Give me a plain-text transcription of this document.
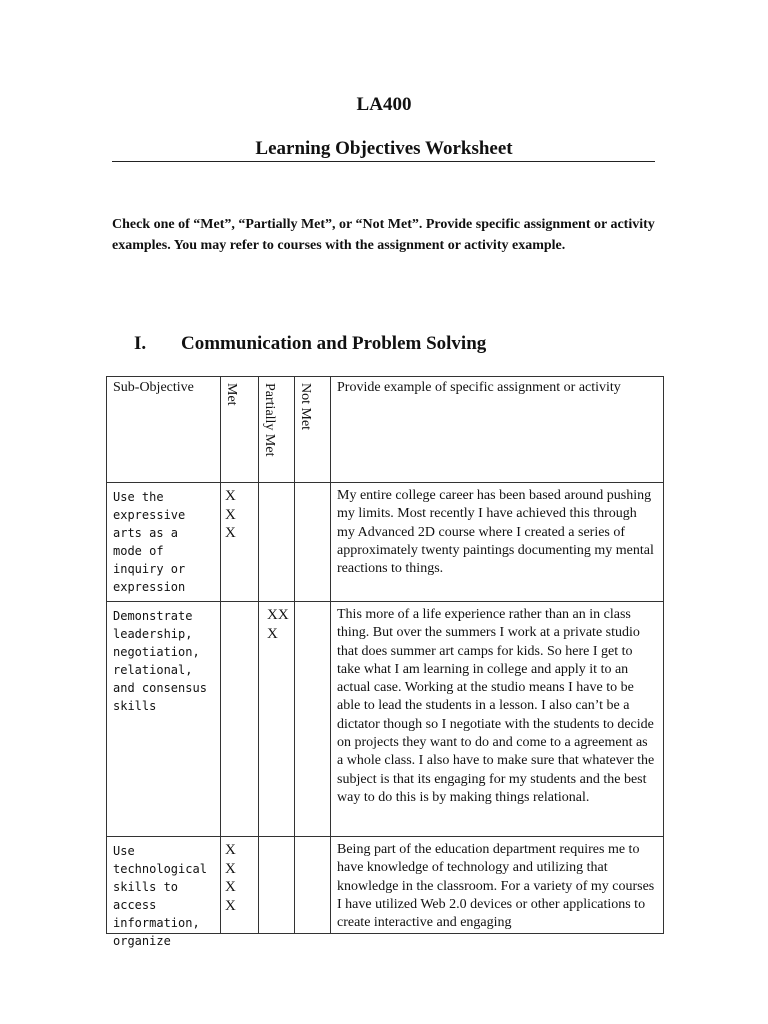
LA400
Learning Objectives Worksheet
Check one of “Met”, “Partially Met”, or “Not Met”. Provide specific assignment or activity examples. You may refer to courses with the assignment or activity example.
I. Communication and Problem Solving
Sub-Objective	Met	Partially Met	Not Met	Provide example of specific assignment or activity

Use the expressive arts as a mode of inquiry or expression	X X X			My entire college career has been based around pushing my limits. Most recently I have achieved this through my Advanced 2D course where I created a series of approximately twenty paintings documenting my mental reactions to things.

Demonstrate leadership, negotiation, relational, and consensus skills		XX X		This more of a life experience rather than an in class thing. But over the summers I work at a private studio that does summer art camps for kids. So here I get to take what I am learning in college and apply it to an actual case. Working at the studio means I have to be able to lead the students in a lesson. I also can’t be a dictator though so I negotiate with the students to decide on projects they want to do and come to a agreement as a whole class. I also have to make sure that whatever the subject is that its engaging for my students and the best way to do this is by making things relational.

Use technological skills to access information, organize	X X X X			Being part of the education department requires me to have knowledge of technology and utilizing that knowledge in the classroom. For a variety of my courses I have utilized Web 2.0 devices or other applications to create interactive and engaging
